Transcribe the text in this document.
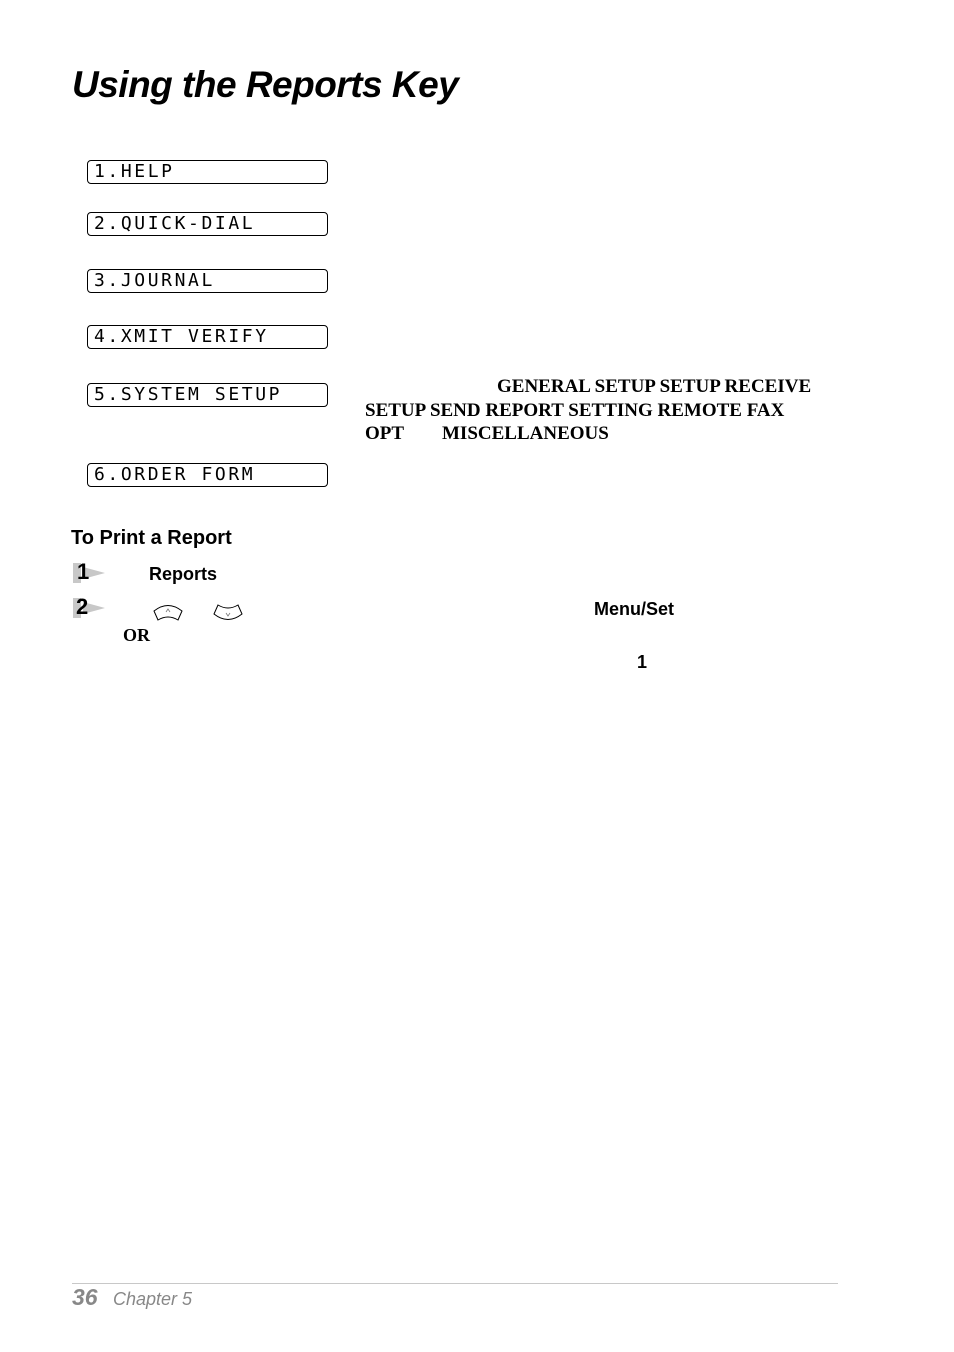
Using the Reports Key
1.HELP
2.QUICK-DIAL
3.JOURNAL
4.XMIT VERIFY
5.SYSTEM SETUP
6.ORDER FORM
GENERAL SETUP SETUP RECEIVE
SETUP SEND REPORT SETTING REMOTE FAX
OPT MISCELLANEOUS
To Print a Report
1	Reports
2
OR
Menu/Set
1
36 Chapter 5
